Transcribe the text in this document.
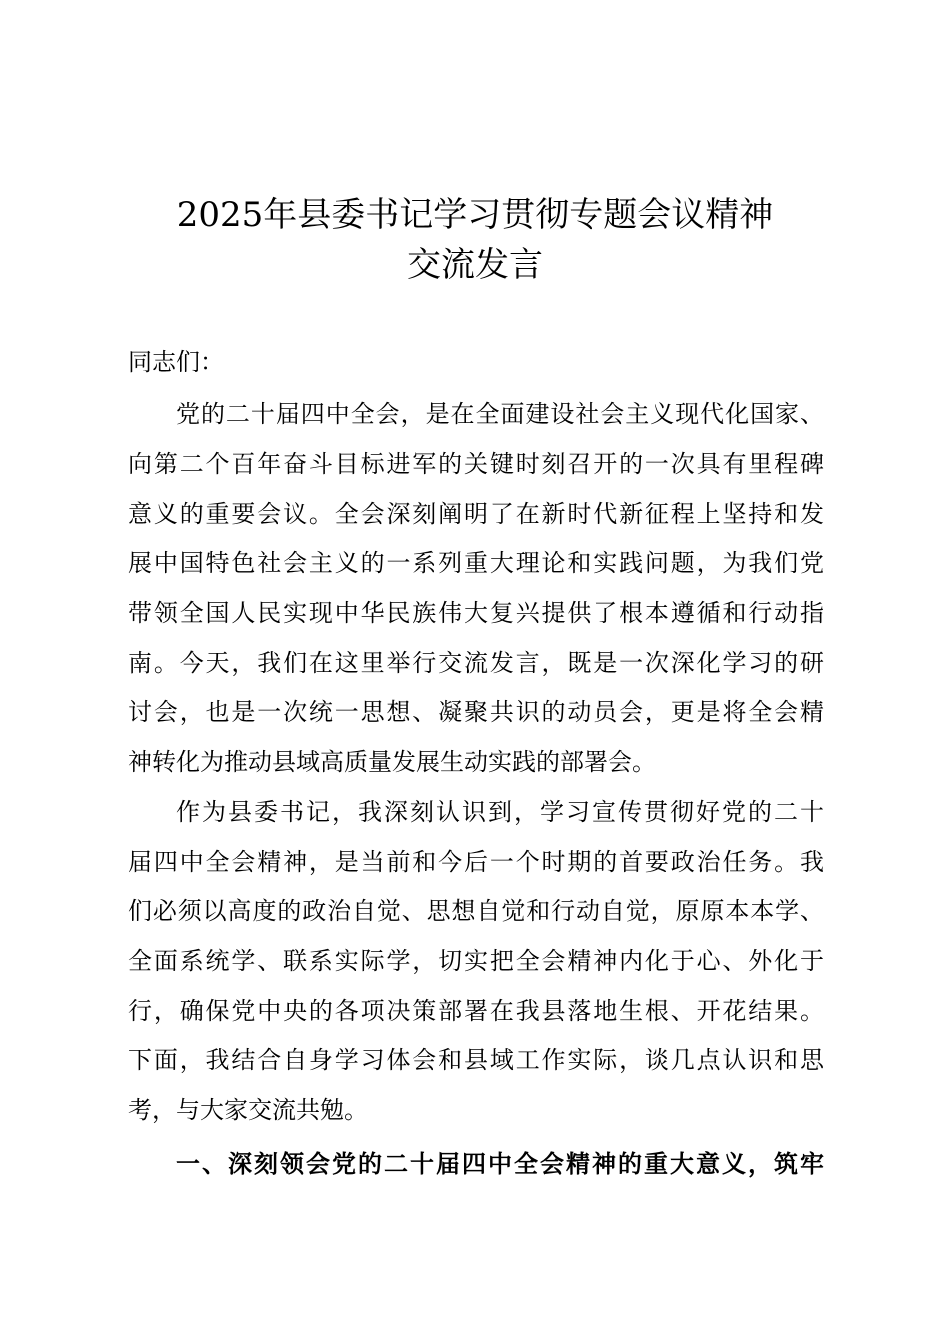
2025年县委书记学习贯彻专题会议精神
交流发言
同志们：
党的二十届四中全会，是在全面建设社会主义现代化国家、
向第二个百年奋斗目标进军的关键时刻召开的一次具有里程碑
意义的重要会议。全会深刻阐明了在新时代新征程上坚持和发
展中国特色社会主义的一系列重大理论和实践问题，为我们党
带领全国人民实现中华民族伟大复兴提供了根本遵循和行动指
南。今天，我们在这里举行交流发言，既是一次深化学习的研
讨会，也是一次统一思想、凝聚共识的动员会，更是将全会精
神转化为推动县域高质量发展生动实践的部署会。
作为县委书记，我深刻认识到，学习宣传贯彻好党的二十
届四中全会精神，是当前和今后一个时期的首要政治任务。我
们必须以高度的政治自觉、思想自觉和行动自觉，原原本本学、
全面系统学、联系实际学，切实把全会精神内化于心、外化于
行，确保党中央的各项决策部署在我县落地生根、开花结果。
下面，我结合自身学习体会和县域工作实际，谈几点认识和思
考，与大家交流共勉。
一、深刻领会党的二十届四中全会精神的重大意义，筑牢
